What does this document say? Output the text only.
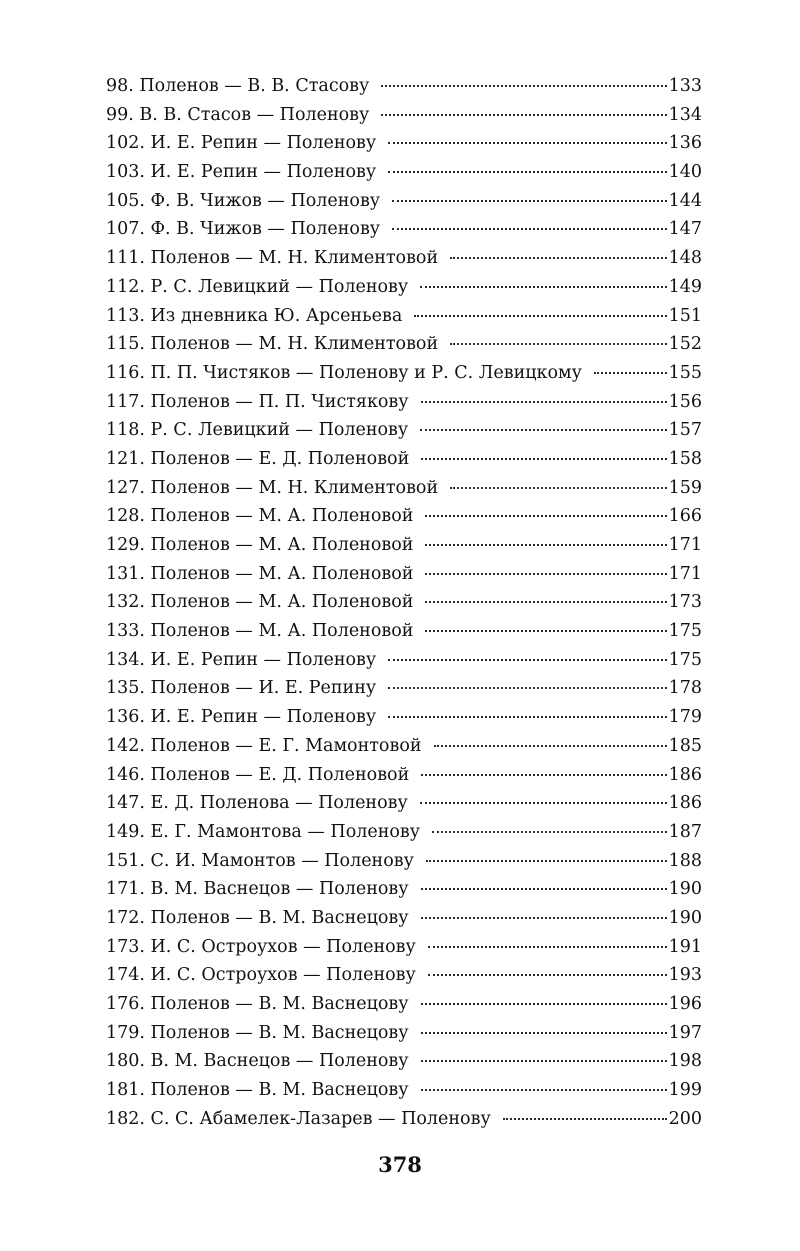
98. Поленов — В. В. Стасову	133
99. В. В. Стасов — Поленову	134
102. И. Е. Репин — Поленову	136
103. И. Е. Репин — Поленову	140
105. Ф. В. Чижов — Поленову	144
107. Ф. В. Чижов — Поленову	147
111. Поленов — М. Н. Климентовой	148
112. Р. С. Левицкий — Поленову	149
113. Из дневника Ю. Арсеньева	151
115. Поленов — М. Н. Климентовой	152
116. П. П. Чистяков — Поленову и Р. С. Левицкому	155
117. Поленов — П. П. Чистякову	156
118. Р. С. Левицкий — Поленову	157
121. Поленов — Е. Д. Поленовой	158
127. Поленов — М. Н. Климентовой	159
128. Поленов — М. А. Поленовой	166
129. Поленов — М. А. Поленовой	171
131. Поленов — М. А. Поленовой	171
132. Поленов — М. А. Поленовой	173
133. Поленов — М. А. Поленовой	175
134. И. Е. Репин — Поленову	175
135. Поленов — И. Е. Репину	178
136. И. Е. Репин — Поленову	179
142. Поленов — Е. Г. Мамонтовой	185
146. Поленов — Е. Д. Поленовой	186
147. Е. Д. Поленова — Поленову	186
149. Е. Г. Мамонтова — Поленову	187
151. С. И. Мамонтов — Поленову	188
171. В. М. Васнецов — Поленову	190
172. Поленов — В. М. Васнецову	190
173. И. С. Остроухов — Поленову	191
174. И. С. Остроухов — Поленову	193
176. Поленов — В. М. Васнецову	196
179. Поленов — В. М. Васнецову	197
180. В. М. Васнецов — Поленову	198
181. Поленов — В. М. Васнецову	199
182. С. С. Абамелек-Лазарев — Поленову	200
378
